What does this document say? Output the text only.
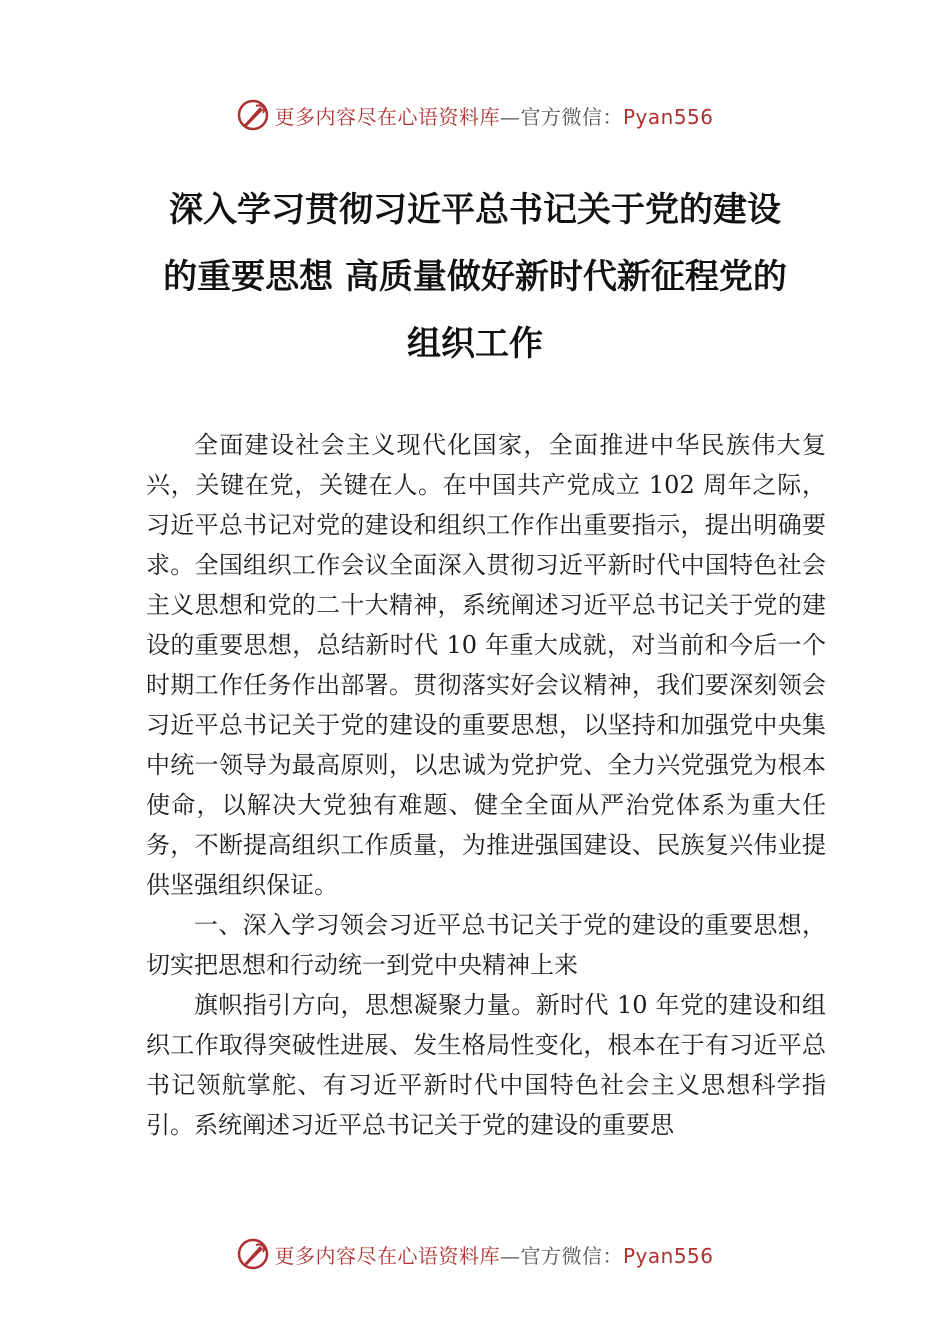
更多内容尽在心语资料库—官方微信：Pyan556
深入学习贯彻习近平总书记关于党的建设
的重要思想 高质量做好新时代新征程党的
组织工作

全面建设社会主义现代化国家，全面推进中华民族伟大复兴，关键在党，关键在人。在中国共产党成立 102 周年之际，习近平总书记对党的建设和组织工作作出重要指示，提出明确要求。全国组织工作会议全面深入贯彻习近平新时代中国特色社会主义思想和党的二十大精神，系统阐述习近平总书记关于党的建设的重要思想，总结新时代 10 年重大成就，对当前和今后一个时期工作任务作出部署。贯彻落实好会议精神，我们要深刻领会习近平总书记关于党的建设的重要思想，以坚持和加强党中央集中统一领导为最高原则，以忠诚为党护党、全力兴党强党为根本使命，以解决大党独有难题、健全全面从严治党体系为重大任务，不断提高组织工作质量，为推进强国建设、民族复兴伟业提供坚强组织保证。

一、深入学习领会习近平总书记关于党的建设的重要思想，切实把思想和行动统一到党中央精神上来

旗帜指引方向，思想凝聚力量。新时代 10 年党的建设和组织工作取得突破性进展、发生格局性变化，根本在于有习近平总书记领航掌舵、有习近平新时代中国特色社会主义思想科学指引。系统阐述习近平总书记关于党的建设的重要思

更多内容尽在心语资料库—官方微信：Pyan556
